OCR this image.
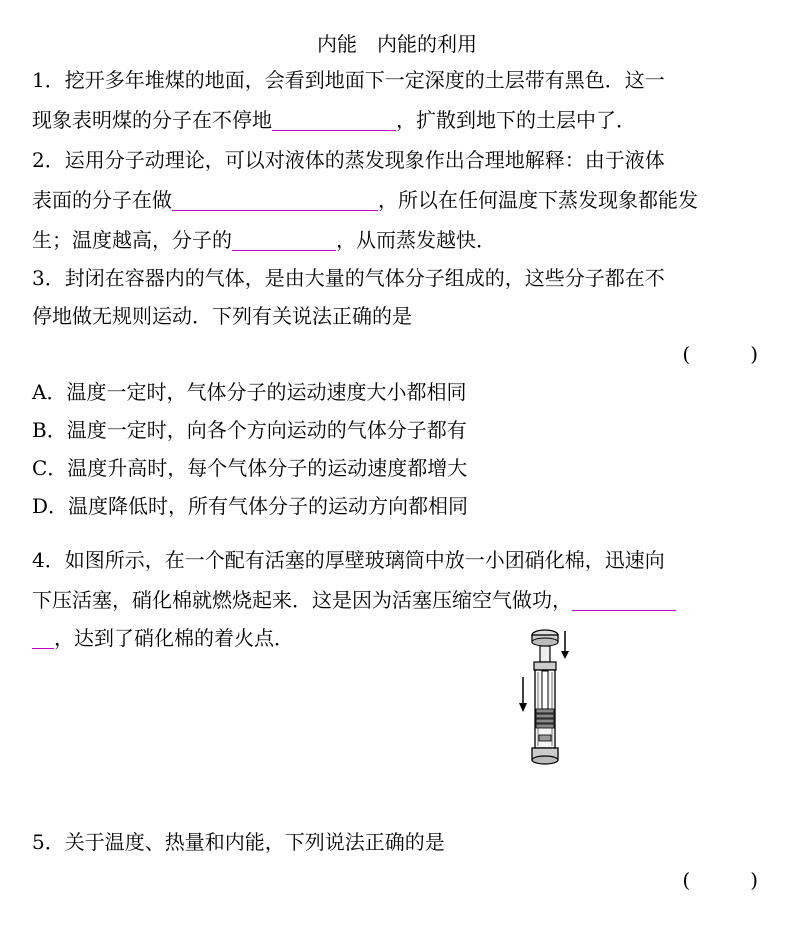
内能　内能的利用
1．挖开多年堆煤的地面，会看到地面下一定深度的土层带有黑色．这一
现象表明煤的分子在不停地	，扩散到地下的土层中了．
2．运用分子动理论，可以对液体的蒸发现象作出合理地解释：由于液体
表面的分子在做	，所以在任何温度下蒸发现象都能发
生；温度越高，分子的	，从而蒸发越快．
3．封闭在容器内的气体，是由大量的气体分子组成的，这些分子都在不
停地做无规则运动．下列有关说法正确的是
(　　　)
A．温度一定时，气体分子的运动速度大小都相同
B．温度一定时，向各个方向运动的气体分子都有
C．温度升高时，每个气体分子的运动速度都增大
D．温度降低时，所有气体分子的运动方向都相同
4．如图所示，在一个配有活塞的厚壁玻璃筒中放一小团硝化棉，迅速向
下压活塞，硝化棉就燃烧起来．这是因为活塞压缩空气做功，
，达到了硝化棉的着火点．
5．关于温度、热量和内能，下列说法正确的是
(　　　)
